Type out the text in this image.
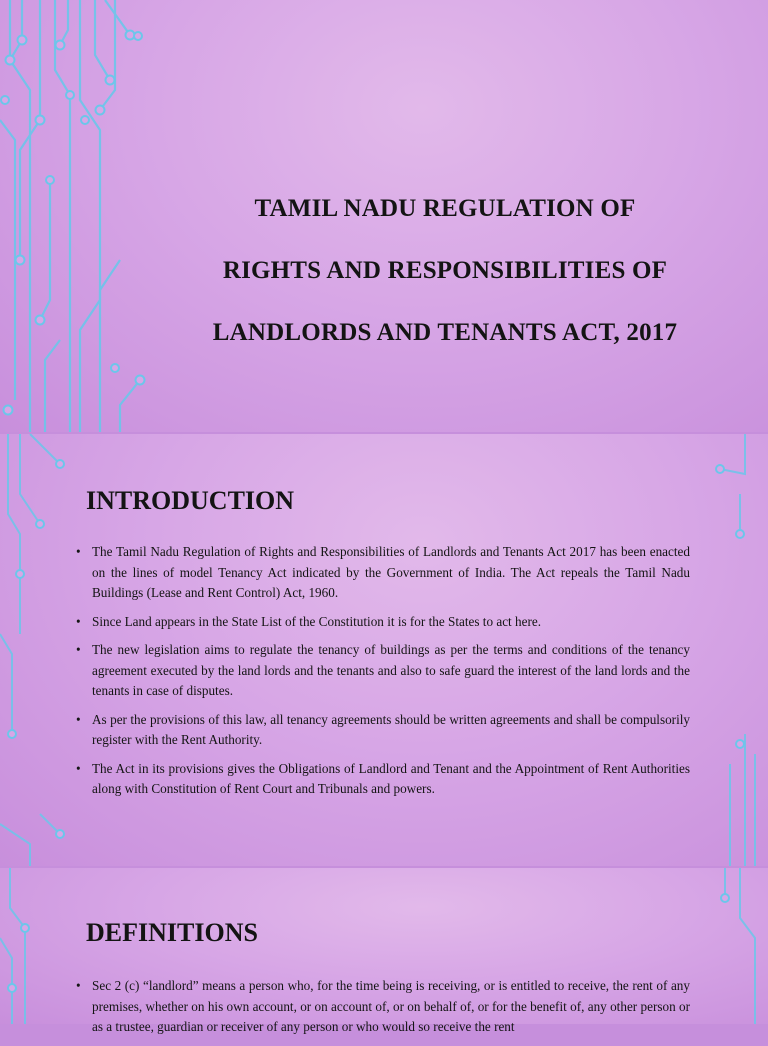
TAMIL NADU REGULATION OF
RIGHTS AND RESPONSIBILITIES OF
LANDLORDS AND TENANTS ACT, 2017
INTRODUCTION
• The Tamil Nadu Regulation of Rights and Responsibilities of Landlords and Tenants Act 2017 has been enacted on the lines of model Tenancy Act indicated by the Government of India. The Act repeals the Tamil Nadu Buildings (Lease and Rent Control) Act, 1960.
• Since Land appears in the State List of the Constitution it is for the States to act here.
• The new legislation aims to regulate the tenancy of buildings as per the terms and conditions of the tenancy agreement executed by the land lords and the tenants and also to safe guard the interest of the land lords and the tenants in case of disputes.
• As per the provisions of this law, all tenancy agreements should be written agreements and shall be compulsorily register with the Rent Authority.
• The Act in its provisions gives the Obligations of Landlord and Tenant and the Appointment of Rent Authorities along with Constitution of Rent Court and Tribunals and powers.
DEFINITIONS
• Sec 2 (c) “landlord” means a person who, for the time being is receiving, or is entitled to receive, the rent of any premises, whether on his own account, or on account of, or on behalf of, or for the benefit of, any other person or as a trustee, guardian or receiver of any person or who would so receive the rent
